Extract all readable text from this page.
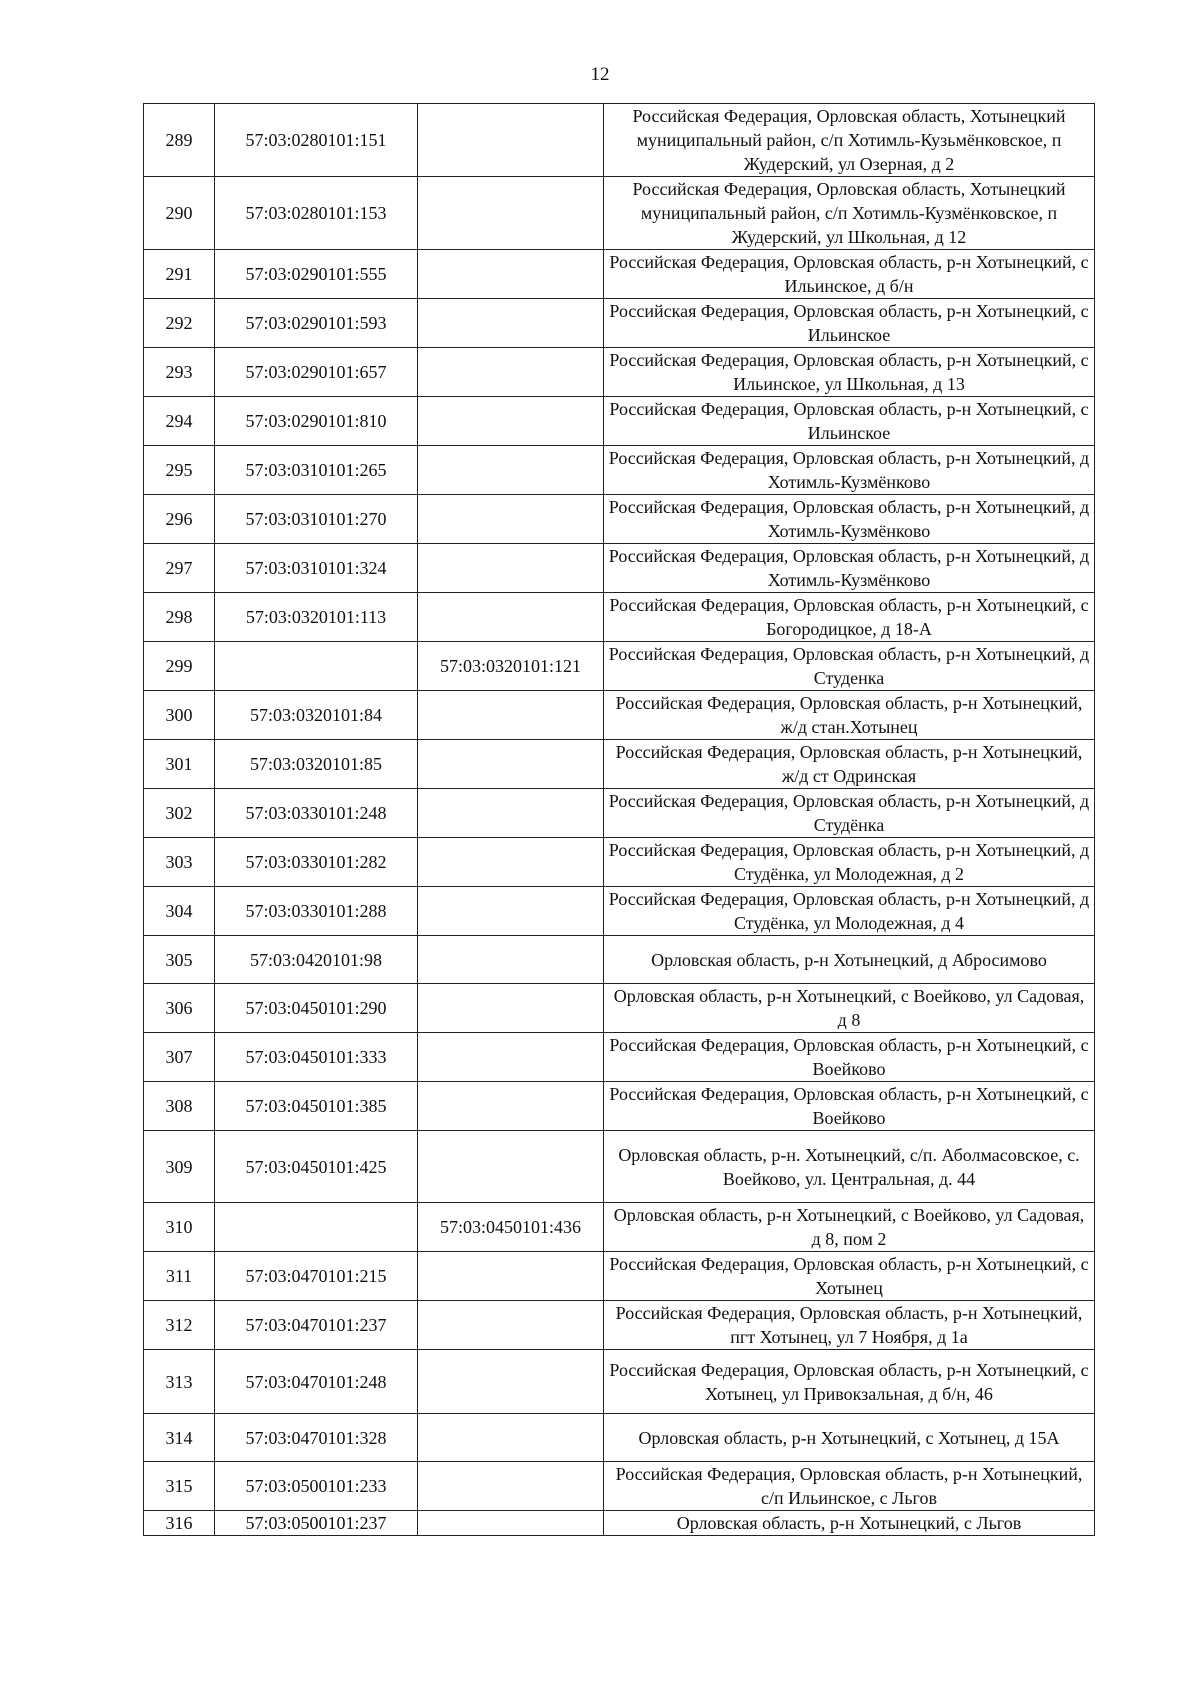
12
289	57:03:0280101:151		Российская Федерация, Орловская область, Хотынецкий муниципальный район, с/п Хотимль-Кузьмёнковское, п Жудерский, ул Озерная, д 2
290	57:03:0280101:153		Российская Федерация, Орловская область, Хотынецкий муниципальный район, с/п Хотимль-Кузмёнковское, п Жудерский, ул Школьная, д 12
291	57:03:0290101:555		Российская Федерация, Орловская область, р-н Хотынецкий, с Ильинское, д б/н
292	57:03:0290101:593		Российская Федерация, Орловская область, р-н Хотынецкий, с Ильинское
293	57:03:0290101:657		Российская Федерация, Орловская область, р-н Хотынецкий, с Ильинское, ул Школьная, д 13
294	57:03:0290101:810		Российская Федерация, Орловская область, р-н Хотынецкий, с Ильинское
295	57:03:0310101:265		Российская Федерация, Орловская область, р-н Хотынецкий, д Хотимль-Кузмёнково
296	57:03:0310101:270		Российская Федерация, Орловская область, р-н Хотынецкий, д Хотимль-Кузмёнково
297	57:03:0310101:324		Российская Федерация, Орловская область, р-н Хотынецкий, д Хотимль-Кузмёнково
298	57:03:0320101:113		Российская Федерация, Орловская область, р-н Хотынецкий, с Богородицкое, д 18-А
299		57:03:0320101:121	Российская Федерация, Орловская область, р-н Хотынецкий, д Студенка
300	57:03:0320101:84		Российская Федерация, Орловская область, р-н Хотынецкий, ж/д стан.Хотынец
301	57:03:0320101:85		Российская Федерация, Орловская область, р-н Хотынецкий, ж/д ст Одринская
302	57:03:0330101:248		Российская Федерация, Орловская область, р-н Хотынецкий, д Студёнка
303	57:03:0330101:282		Российская Федерация, Орловская область, р-н Хотынецкий, д Студёнка, ул Молодежная, д 2
304	57:03:0330101:288		Российская Федерация, Орловская область, р-н Хотынецкий, д Студёнка, ул Молодежная, д 4
305	57:03:0420101:98		Орловская область, р-н Хотынецкий, д Абросимово
306	57:03:0450101:290		Орловская область, р-н Хотынецкий, с Воейково, ул Садовая, д 8
307	57:03:0450101:333		Российская Федерация, Орловская область, р-н Хотынецкий, с Воейково
308	57:03:0450101:385		Российская Федерация, Орловская область, р-н Хотынецкий, с Воейково
309	57:03:0450101:425		Орловская область, р-н. Хотынецкий, с/п. Аболмасовское, с. Воейково, ул. Центральная, д. 44
310		57:03:0450101:436	Орловская область, р-н Хотынецкий, с Воейково, ул Садовая, д 8, пом 2
311	57:03:0470101:215		Российская Федерация, Орловская область, р-н Хотынецкий, с Хотынец
312	57:03:0470101:237		Российская Федерация, Орловская область, р-н Хотынецкий, пгт Хотынец, ул 7 Ноября, д 1а
313	57:03:0470101:248		Российская Федерация, Орловская область, р-н Хотынецкий, с Хотынец, ул Привокзальная, д б/н, 46
314	57:03:0470101:328		Орловская область, р-н Хотынецкий, с Хотынец, д 15А
315	57:03:0500101:233		Российская Федерация, Орловская область, р-н Хотынецкий, с/п Ильинское, с Льгов
316	57:03:0500101:237		Орловская область, р-н Хотынецкий, с Льгов
